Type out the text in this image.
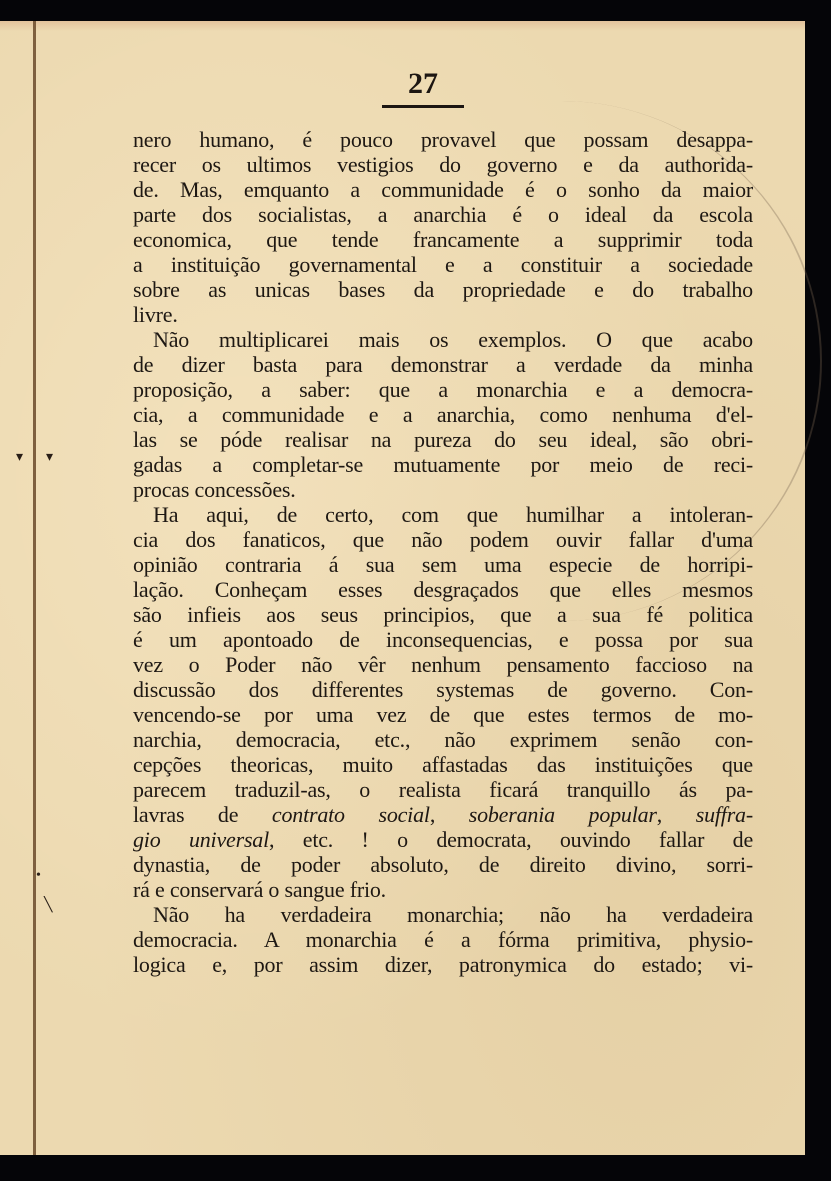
▾ ▾
•
╲
27
nero humano, é pouco provavel que possam desappa-
recer os ultimos vestigios do governo e da authorida-
de. Mas, emquanto a communidade é o sonho da maior
parte dos socialistas, a anarchia é o ideal da escola
economica, que tende francamente a supprimir toda
a instituição governamental e a constituir a sociedade
sobre as unicas bases da propriedade e do trabalho
livre.
Não multiplicarei mais os exemplos. O que acabo
de dizer basta para demonstrar a verdade da minha
proposição, a saber: que a monarchia e a democra-
cia, a communidade e a anarchia, como nenhuma d'el-
las se póde realisar na pureza do seu ideal, são obri-
gadas a completar-se mutuamente por meio de reci-
procas concessões.
Ha aqui, de certo, com que humilhar a intoleran-
cia dos fanaticos, que não podem ouvir fallar d'uma
opinião contraria á sua sem uma especie de horripi-
lação. Conheçam esses desgraçados que elles mesmos
são infieis aos seus principios, que a sua fé politica
é um apontoado de inconsequencias, e possa por sua
vez o Poder não vêr nenhum pensamento faccioso na
discussão dos differentes systemas de governo. Con-
vencendo-se por uma vez de que estes termos de mo-
narchia, democracia, etc., não exprimem senão con-
cepções theoricas, muito affastadas das instituições que
parecem traduzil-as, o realista ficará tranquillo ás pa-
lavras de contrato social, soberania popular, suffra-
gio universal, etc. ! o democrata, ouvindo fallar de
dynastia, de poder absoluto, de direito divino, sorri-
rá e conservará o sangue frio.
Não ha verdadeira monarchia; não ha verdadeira
democracia. A monarchia é a fórma primitiva, physio-
logica e, por assim dizer, patronymica do estado; vi-
